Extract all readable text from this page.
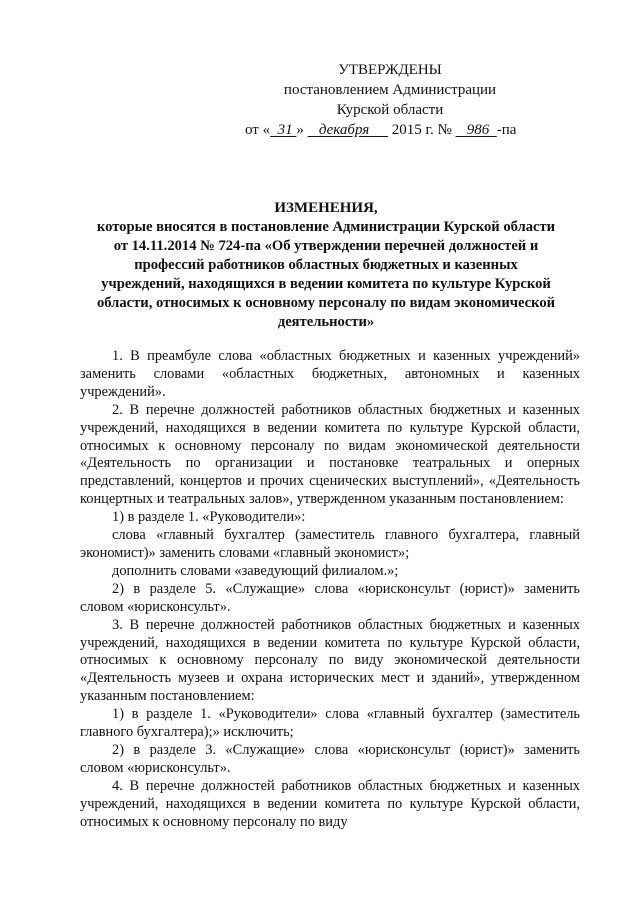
УТВЕРЖДЕНЫ
постановлением Администрации
Курской области
от « 31 » декабря 2015 г. № 986 -па
ИЗМЕНЕНИЯ,
которые вносятся в постановление Администрации Курской области
от 14.11.2014 № 724-па «Об утверждении перечней должностей и
профессий работников областных бюджетных и казенных
учреждений, находящихся в ведении комитета по культуре Курской
области, относимых к основному персоналу по видам экономической
деятельности»

1. В преамбуле слова «областных бюджетных и казенных учреждений» заменить словами «областных бюджетных, автономных и казенных учреждений».

2. В перечне должностей работников областных бюджетных и казенных учреждений, находящихся в ведении комитета по культуре Курской области, относимых к основному персоналу по видам экономической деятельности «Деятельность по организации и постановке театральных и оперных представлений, концертов и прочих сценических выступлений», «Деятельность концертных и театральных залов», утвержденном указанным постановлением:

1) в разделе 1. «Руководители»:

слова «главный бухгалтер (заместитель главного бухгалтера, главный экономист)» заменить словами «главный экономист»;

дополнить словами «заведующий филиалом.»;

2) в разделе 5. «Служащие» слова «юрисконсульт (юрист)» заменить словом «юрисконсульт».

3. В перечне должностей работников областных бюджетных и казенных учреждений, находящихся в ведении комитета по культуре Курской области, относимых к основному персоналу по виду экономической деятельности «Деятельность музеев и охрана исторических мест и зданий», утвержденном указанным постановлением:

1) в разделе 1. «Руководители» слова «главный бухгалтер (заместитель главного бухгалтера);» исключить;

2) в разделе 3. «Служащие» слова «юрисконсульт (юрист)» заменить словом «юрисконсульт».

4. В перечне должностей работников областных бюджетных и казенных учреждений, находящихся в ведении комитета по культуре Курской области, относимых к основному персоналу по виду
